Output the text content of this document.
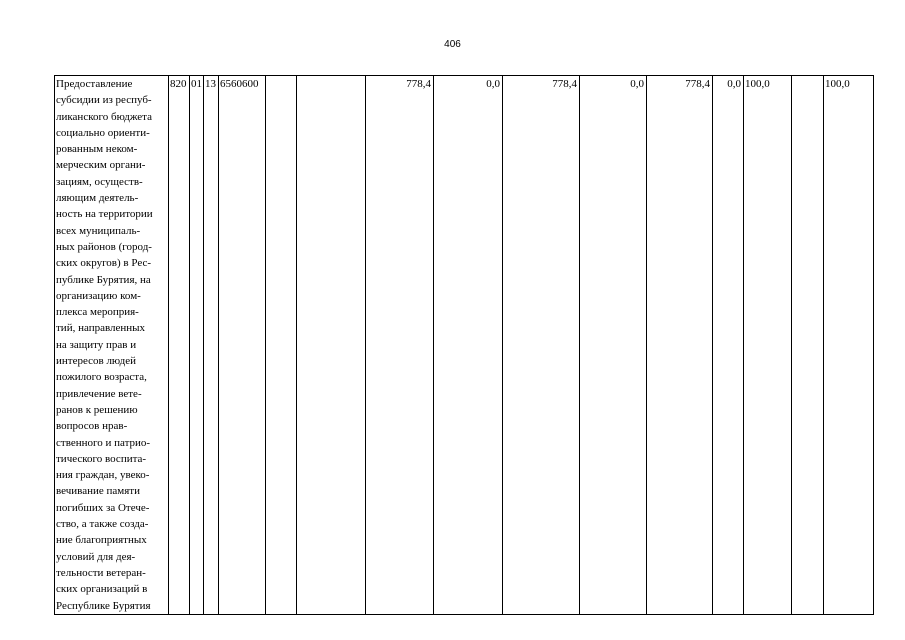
406
Предоставление
субсидии из респуб-
ликанского бюджета
социально ориенти-
рованным неком-
мерческим органи-
зациям, осуществ-
ляющим деятель-
ность на территории
всех муниципаль-
ных районов (город-
ских округов) в Рес-
публике Бурятия, на
организацию ком-
плекса мероприя-
тий, направленных
на защиту прав и
интересов людей
пожилого возраста,
привлечение вете-
ранов к решению
вопросов нрав-
ственного и патрио-
тического воспита-
ния граждан, увеко-
вечивание памяти
погибших за Отече-
ство, а также созда-
ние благоприятных
условий для дея-
тельности ветеран-
ских организаций в
Республике Бурятия
	820	01	13	6560600			778,4	0,0	778,4	0,0	778,4	0,0	100,0		100,0
